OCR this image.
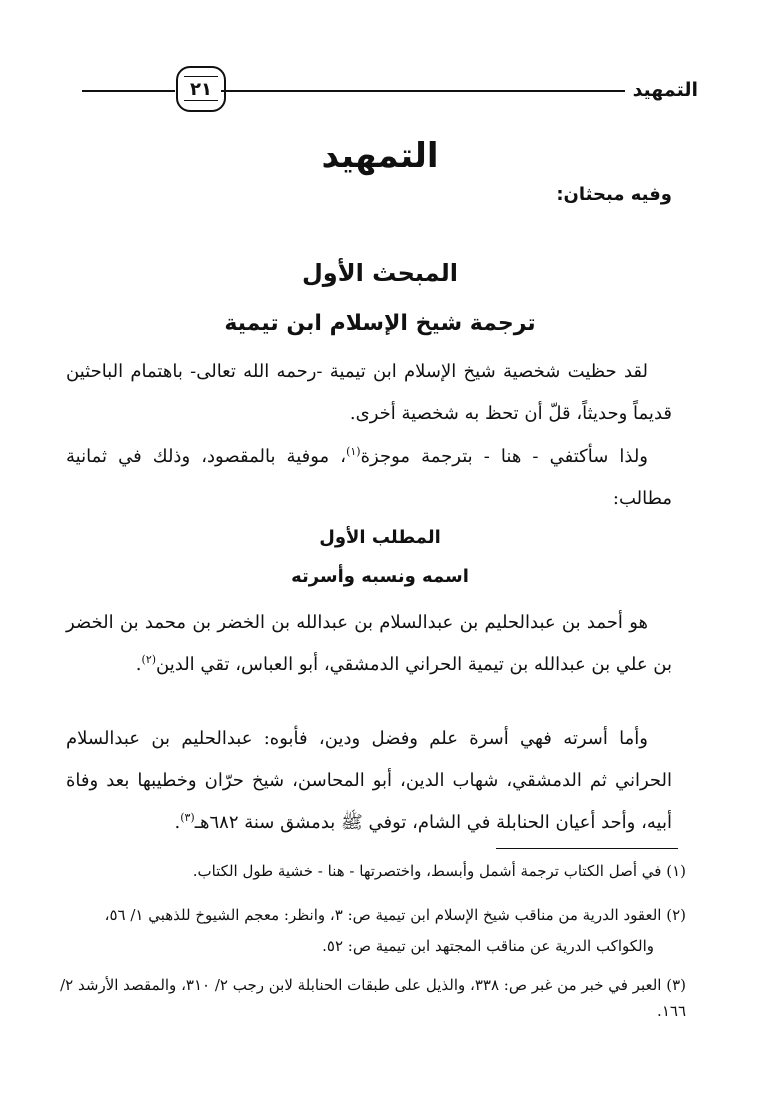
التمهيد
٢١
التمهيد
وفيه مبحثان:
المبحث الأول
ترجمة شيخ الإسلام ابن تيمية
لقد حظيت شخصية شيخ الإسلام ابن تيمية -رحمه الله تعالى- باهتمام الباحثين قديماً وحديثاً، قلّ أن تحظ به شخصية أخرى.
ولذا سأكتفي - هنا - بترجمة موجزة$^{(١)}$، موفية بالمقصود، وذلك في ثمانية مطالب:
المطلب الأول
اسمه ونسبه وأسرته
هو أحمد بن عبدالحليم بن عبدالسلام بن عبدالله بن الخضر بن محمد بن الخضر بن علي بن عبدالله بن تيمية الحراني الدمشقي، أبو العباس، تقي الدين$^{(٢)}$.
وأما أسرته فهي أسرة علم وفضل ودين، فأبوه: عبدالحليم بن عبدالسلام الحراني ثم الدمشقي، شهاب الدين، أبو المحاسن، شيخ حرّان وخطيبها بعد وفاة أبيه، وأحد أعيان الحنابلة في الشام، توفي ﷺ بدمشق سنة ٦٨٢هـ$^{(٣)}$.
(١) في أصل الكتاب ترجمة أشمل وأبسط، واختصرتها - هنا - خشية طول الكتاب.
(٢) العقود الدرية من مناقب شيخ الإسلام ابن تيمية ص: ٣، وانظر: معجم الشيوخ للذهبي ١/ ٥٦،
والكواكب الدرية عن مناقب المجتهد ابن تيمية ص: ٥٢.
(٣) العبر في خبر من غبر ص: ٣٣٨، والذيل على طبقات الحنابلة لابن رجب ٢/ ٣١٠، والمقصد الأرشد ٢/ ١٦٦.
